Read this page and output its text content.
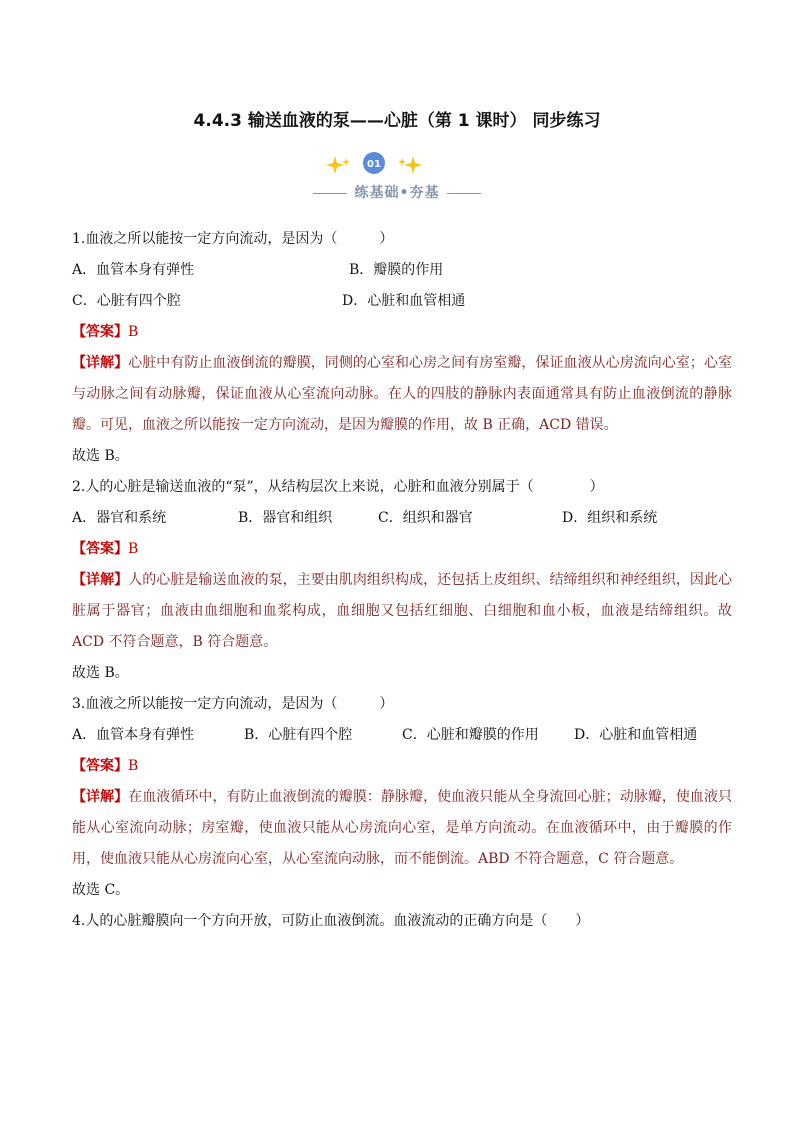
4.4.3 输送血液的泵——心脏（第 1 课时） 同步练习
01
练基础•夯基
1.血液之所以能按一定方向流动，是因为（　　　）
A．血管本身有弹性	B．瓣膜的作用
C．心脏有四个腔	D．心脏和血管相通
【答案】B
【详解】心脏中有防止血液倒流的瓣膜，同侧的心室和心房之间有房室瓣，保证血液从心房流向心室；心室与动脉之间有动脉瓣，保证血液从心室流向动脉。在人的四肢的静脉内表面通常具有防止血液倒流的静脉瓣。可见，血液之所以能按一定方向流动，是因为瓣膜的作用，故 B 正确，ACD 错误。
故选 B。
2.人的心脏是输送血液的“泵”，从结构层次上来说，心脏和血液分别属于（　　　　）
A．器官和系统	B．器官和组织	C．组织和器官	D．组织和系统
【答案】B
【详解】人的心脏是输送血液的泵，主要由肌肉组织构成，还包括上皮组织、结缔组织和神经组织，因此心脏属于器官；血液由血细胞和血浆构成，血细胞又包括红细胞、白细胞和血小板，血液是结缔组织。故 ACD 不符合题意，B 符合题意。
故选 B。
3.血液之所以能按一定方向流动，是因为（　　　）
A．血管本身有弹性	B．心脏有四个腔	C．心脏和瓣膜的作用	D．心脏和血管相通
【答案】B
【详解】在血液循环中，有防止血液倒流的瓣膜：静脉瓣，使血液只能从全身流回心脏；动脉瓣，使血液只能从心室流向动脉；房室瓣，使血液只能从心房流向心室，是单方向流动。在血液循环中，由于瓣膜的作用，使血液只能从心房流向心室，从心室流向动脉，而不能倒流。ABD 不符合题意，C 符合题意。
故选 C。
4.人的心脏瓣膜向一个方向开放，可防止血液倒流。血液流动的正确方向是（　　）
